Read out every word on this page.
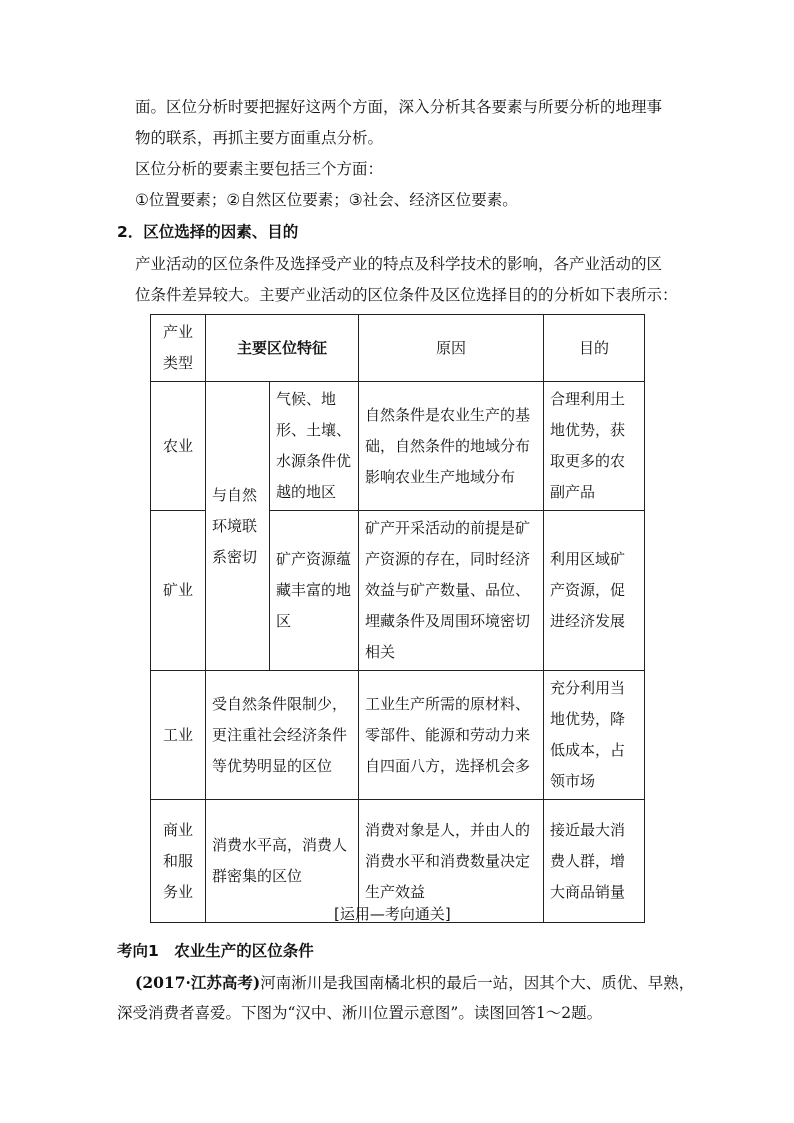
面。区位分析时要把握好这两个方面，深入分析其各要素与所要分析的地理事
物的联系，再抓主要方面重点分析。
区位分析的要素主要包括三个方面：
①位置要素；②自然区位要素；③社会、经济区位要素。
2．区位选择的因素、目的
产业活动的区位条件及选择受产业的特点及科学技术的影响，各产业活动的区
位条件差异较大。主要产业活动的区位条件及区位选择目的的分析如下表所示：
产业类型	主要区位特征		原因	目的
农业	与自然环境联系密切	气候、地形、土壤、水源条件优越的地区	自然条件是农业生产的基础，自然条件的地域分布影响农业生产地域分布	合理利用土地优势，获取更多的农副产品

矿业		矿产资源蕴藏丰富的地区	矿产开采活动的前提是矿产资源的存在，同时经济效益与矿产数量、品位、埋藏条件及周围环境密切相关	利用区域矿产资源，促进经济发展

工业	受自然条件限制少，更注重社会经济条件等优势明显的区位		工业生产所需的原材料、零部件、能源和劳动力来自四面八方，选择机会多	充分利用当地优势，降低成本，占领市场

商业和服务业	消费水平高，消费人群密集的区位		消费对象是人，并由人的消费水平和消费数量决定生产效益	接近最大消费人群，增大商品销量
[运用—考向通关]
考向1　农业生产的区位条件
(2017·江苏高考)河南淅川是我国南橘北枳的最后一站，因其个大、质优、早熟，
深受消费者喜爱。下图为“汉中、淅川位置示意图”。读图回答1～2题。
